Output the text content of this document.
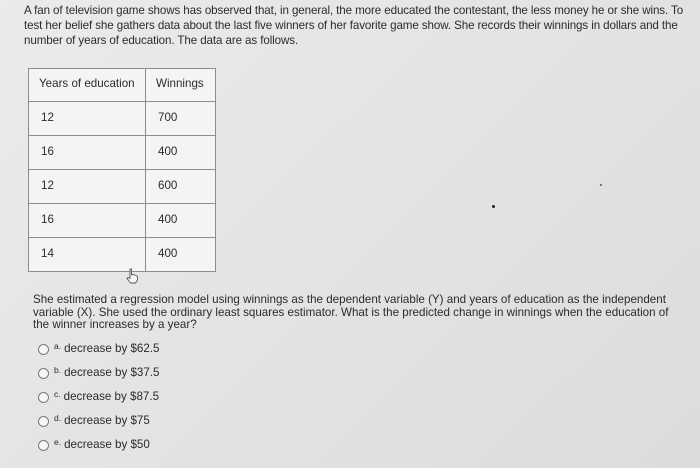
A fan of television game shows has observed that, in general, the more educated the contestant, the less money he or she wins. To test her belief she gathers data about the last five winners of her favorite game show. She records their winnings in dollars and the number of years of education. The data are as follows.
Years of education	Winnings
12	700
16	400
12	600
16	400
14	400
She estimated a regression model using winnings as the dependent variable (Y) and years of education as the independent variable (X). She used the ordinary least squares estimator. What is the predicted change in winnings when the education of the winner increases by a year?
a. decrease by $62.5
b. decrease by $37.5
c. decrease by $87.5
d. decrease by $75
e. decrease by $50
